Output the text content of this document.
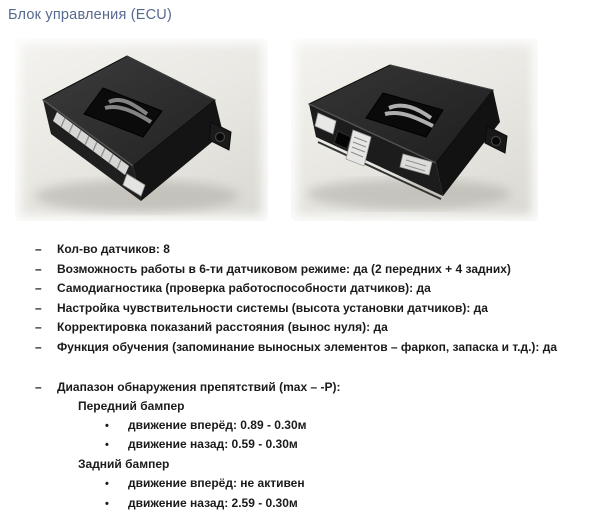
Блок управления (ECU)
–	Кол-во датчиков: 8
–	Возможность работы в 6-ти датчиковом режиме: да (2 передних + 4 задних)
–	Самодиагностика (проверка работоспособности датчиков): да
–	Настройка чувствительности системы (высота установки датчиков): да
–	Корректировка показаний расстояния (вынос нуля): да
–	Функция обучения (запоминание выносных элементов – фаркоп, запаска и т.д.): да
–	Диапазон обнаружения препятствий (max – -P):
Передний бампер
•	движение вперёд: 0.89 - 0.30м
•	движение назад: 0.59 - 0.30м
Задний бампер
•	движение вперёд: не активен
•	движение назад: 2.59 - 0.30м
